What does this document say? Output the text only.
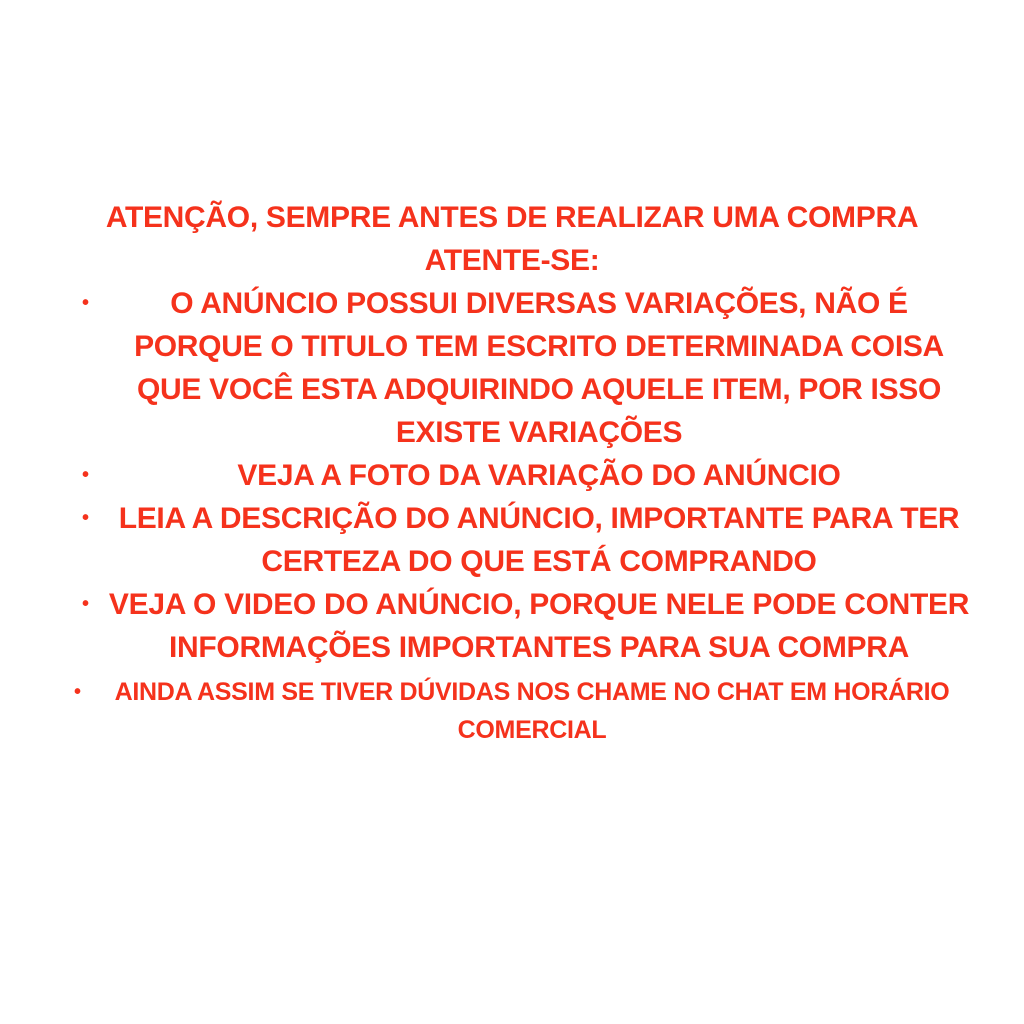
ATENÇÃO, SEMPRE ANTES DE REALIZAR UMA COMPRA ATENTE-SE:
•	O ANÚNCIO POSSUI DIVERSAS VARIAÇÕES, NÃO É PORQUE O TITULO TEM ESCRITO DETERMINADA COISA QUE VOCÊ ESTA ADQUIRINDO AQUELE ITEM, POR ISSO EXISTE VARIAÇÕES
•	VEJA A FOTO DA VARIAÇÃO DO ANÚNCIO
• LEIA A DESCRIÇÃO DO ANÚNCIO, IMPORTANTE PARA TER CERTEZA DO QUE ESTÁ COMPRANDO
• VEJA O VIDEO DO ANÚNCIO, PORQUE NELE PODE CONTER INFORMAÇÕES IMPORTANTES PARA SUA COMPRA
• AINDA ASSIM SE TIVER DÚVIDAS NOS CHAME NO CHAT EM HORÁRIO COMERCIAL
